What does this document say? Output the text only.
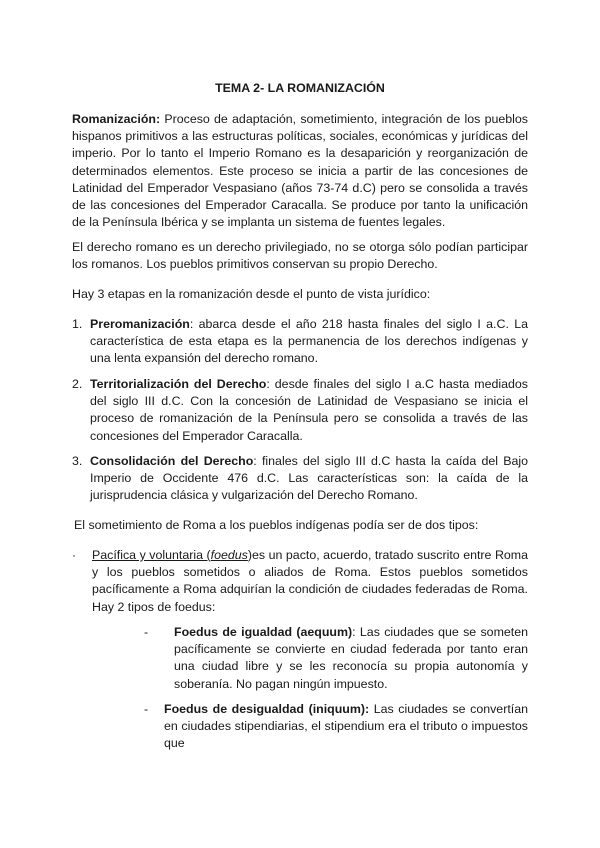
TEMA 2- LA ROMANIZACIÓN

Romanización: Proceso de adaptación, sometimiento, integración de los pueblos hispanos primitivos a las estructuras políticas, sociales, económicas y jurídicas del imperio. Por lo tanto el Imperio Romano es la desaparición y reorganización de determinados elementos. Este proceso se inicia a partir de las concesiones de Latinidad del Emperador Vespasiano (años 73-74 d.C) pero se consolida a través de las concesiones del Emperador Caracalla. Se produce por tanto la unificación de la Península Ibérica y se implanta un sistema de fuentes legales.

El derecho romano es un derecho privilegiado, no se otorga sólo podían participar los romanos. Los pueblos primitivos conservan su propio Derecho.

Hay 3 etapas en la romanización desde el punto de vista jurídico:

1. Preromanización: abarca desde el año 218 hasta finales del siglo I a.C. La característica de esta etapa es la permanencia de los derechos indígenas y una lenta expansión del derecho romano.
2. Territorialización del Derecho: desde finales del siglo I a.C hasta mediados del siglo III d.C. Con la concesión de Latinidad de Vespasiano se inicia el proceso de romanización de la Península pero se consolida a través de las concesiones del Emperador Caracalla.
3. Consolidación del Derecho: finales del siglo III d.C hasta la caída del Bajo Imperio de Occidente 476 d.C. Las características son: la caída de la jurisprudencia clásica y vulgarización del Derecho Romano.

El sometimiento de Roma a los pueblos indígenas podía ser de dos tipos:

· Pacífica y voluntaria (foedus)es un pacto, acuerdo, tratado suscrito entre Roma y los pueblos sometidos o aliados de Roma. Estos pueblos sometidos pacíficamente a Roma adquirían la condición de ciudades federadas de Roma. Hay 2 tipos de foedus:
- Foedus de igualdad (aequum): Las ciudades que se someten pacíficamente se convierte en ciudad federada por tanto eran una ciudad libre y se les reconocía su propia autonomía y soberanía. No pagan ningún impuesto.
- Foedus de desigualdad (iniquum): Las ciudades se convertían en ciudades stipendiarias, el stipendium era el tributo o impuestos que
